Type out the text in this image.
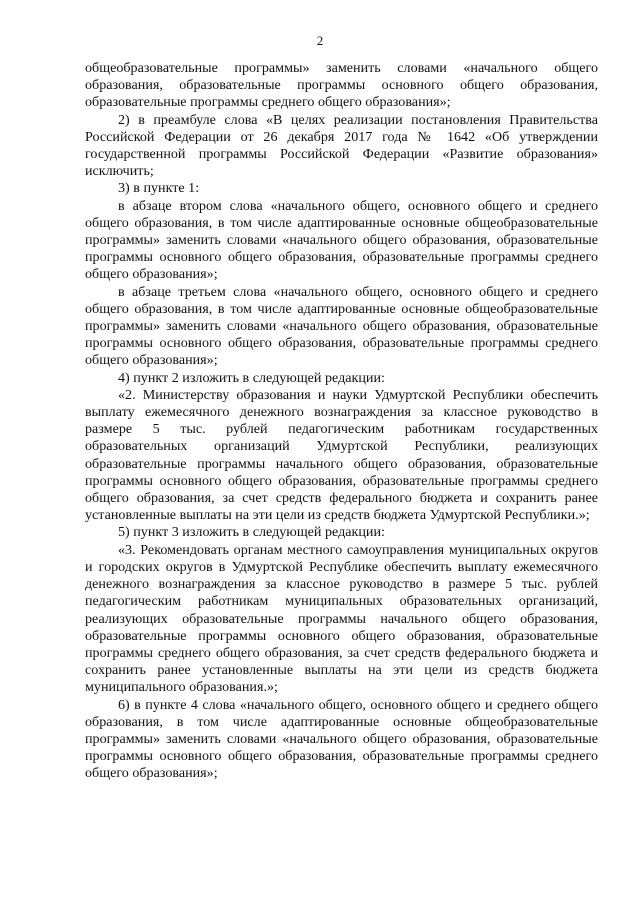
2

общеобразовательные программы» заменить словами «начального общего образования, образовательные программы основного общего образования, образовательные программы среднего общего образования»;

2) в преамбуле слова «В целях реализации постановления Правительства Российской Федерации от 26 декабря 2017 года № 1642 «Об утверждении государственной программы Российской Федерации «Развитие образования» исключить;

3) в пункте 1:

в абзаце втором слова «начального общего, основного общего и среднего общего образования, в том числе адаптированные основные общеобразовательные программы» заменить словами «начального общего образования, образовательные программы основного общего образования, образовательные программы среднего общего образования»;

в абзаце третьем слова «начального общего, основного общего и среднего общего образования, в том числе адаптированные основные общеобразовательные программы» заменить словами «начального общего образования, образовательные программы основного общего образования, образовательные программы среднего общего образования»;

4) пункт 2 изложить в следующей редакции:

«2. Министерству образования и науки Удмуртской Республики обеспечить выплату ежемесячного денежного вознаграждения за классное руководство в размере 5 тыс. рублей педагогическим работникам государственных образовательных организаций Удмуртской Республики, реализующих образовательные программы начального общего образования, образовательные программы основного общего образования, образовательные программы среднего общего образования, за счет средств федерального бюджета и сохранить ранее установленные выплаты на эти цели из средств бюджета Удмуртской Республики.»;

5) пункт 3 изложить в следующей редакции:

«3. Рекомендовать органам местного самоуправления муниципальных округов и городских округов в Удмуртской Республике обеспечить выплату ежемесячного денежного вознаграждения за классное руководство в размере 5 тыс. рублей педагогическим работникам муниципальных образовательных организаций, реализующих образовательные программы начального общего образования, образовательные программы основного общего образования, образовательные программы среднего общего образования, за счет средств федерального бюджета и сохранить ранее установленные выплаты на эти цели из средств бюджета муниципального образования.»;

6) в пункте 4 слова «начального общего, основного общего и среднего общего образования, в том числе адаптированные основные общеобразовательные программы» заменить словами «начального общего образования, образовательные программы основного общего образования, образовательные программы среднего общего образования»;
